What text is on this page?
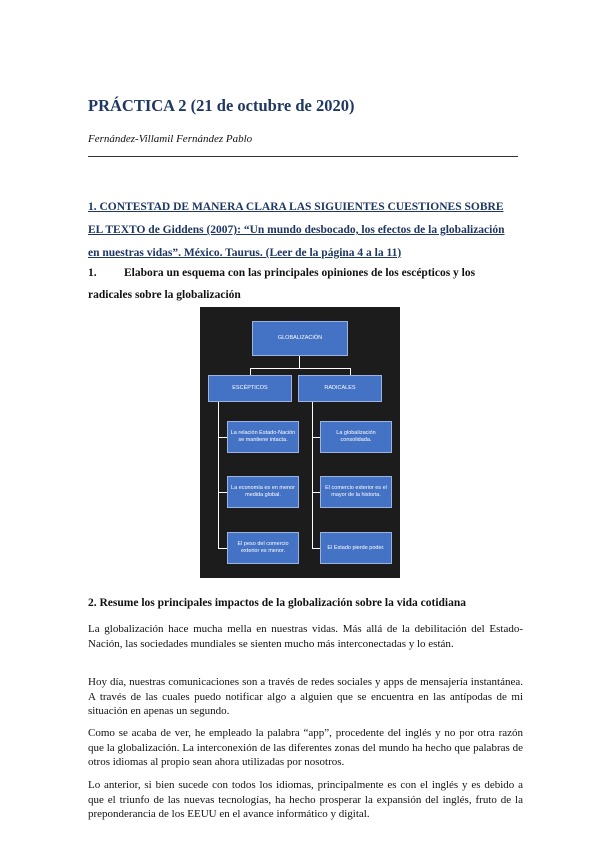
PRÁCTICA 2 (21 de octubre de 2020)
Fernández-Villamil Fernández Pablo

1. CONTESTAD DE MANERA CLARA LAS SIGUIENTES CUESTIONES SOBRE EL TEXTO de Giddens (2007): “Un mundo desbocado, los efectos de la globalización en nuestras vidas”. México. Taurus. (Leer de la página 4 a la 11)

1. Elabora un esquema con las principales opiniones de los escépticos y los radicales sobre la globalización

GLOBALIZACIÓN
ESCÉPTICOS	RADICALES
La relación Estado-Nación se mantiene intacta.
La economía es en menor medida global.
El peso del comercio exterior es menor.
La globalización consolidada.
El comercio exterior es el mayor de la historia.
El Estado pierde poder.

2. Resume los principales impactos de la globalización sobre la vida cotidiana

La globalización hace mucha mella en nuestras vidas. Más allá de la debilitación del Estado-Nación, las sociedades mundiales se sienten mucho más interconectadas y lo están.

Hoy día, nuestras comunicaciones son a través de redes sociales y apps de mensajería instantánea. A través de las cuales puedo notificar algo a alguien que se encuentra en las antípodas de mi situación en apenas un segundo.

Como se acaba de ver, he empleado la palabra “app”, procedente del inglés y no por otra razón que la globalización. La interconexión de las diferentes zonas del mundo ha hecho que palabras de otros idiomas al propio sean ahora utilizadas por nosotros.

Lo anterior, si bien sucede con todos los idiomas, principalmente es con el inglés y es debido a que el triunfo de las nuevas tecnologías, ha hecho prosperar la expansión del inglés, fruto de la preponderancia de los EEUU en el avance informático y digital.
